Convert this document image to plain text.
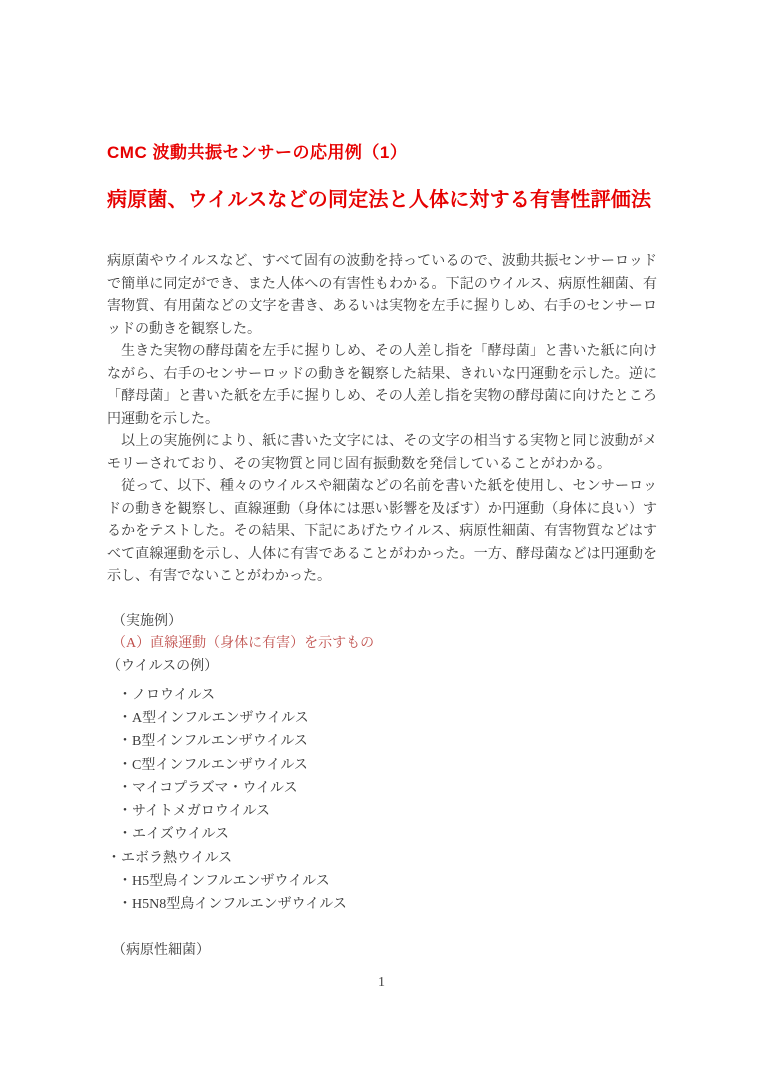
CMC 波動共振センサーの応用例（1）
病原菌、ウイルスなどの同定法と人体に対する有害性評価法

病原菌やウイルスなど、すべて固有の波動を持っているので、波動共振センサーロッドで簡単に同定ができ、また人体への有害性もわかる。下記のウイルス、病原性細菌、有害物質、有用菌などの文字を書き、あるいは実物を左手に握りしめ、右手のセンサーロッドの動きを観察した。

　生きた実物の酵母菌を左手に握りしめ、その人差し指を「酵母菌」と書いた紙に向けながら、右手のセンサーロッドの動きを観察した結果、きれいな円運動を示した。逆に「酵母菌」と書いた紙を左手に握りしめ、その人差し指を実物の酵母菌に向けたところ円運動を示した。

　以上の実施例により、紙に書いた文字には、その文字の相当する実物と同じ波動がメモリーされており、その実物質と同じ固有振動数を発信していることがわかる。

　従って、以下、種々のウイルスや細菌などの名前を書いた紙を使用し、センサーロッドの動きを観察し、直線運動（身体には悪い影響を及ぼす）か円運動（身体に良い）するかをテストした。その結果、下記にあげたウイルス、病原性細菌、有害物質などはすべて直線運動を示し、人体に有害であることがわかった。一方、酵母菌などは円運動を示し、有害でないことがわかった。

（実施例）

（A）直線運動（身体に有害）を示すもの

（ウイルスの例）

・ノロウイルス
・A型インフルエンザウイルス
・B型インフルエンザウイルス
・C型インフルエンザウイルス
・マイコプラズマ・ウイルス
・サイトメガロウイルス
・エイズウイルス
・エボラ熱ウイルス
・H5型鳥インフルエンザウイルス
・H5N8型鳥インフルエンザウイルス

（病原性細菌）

1
